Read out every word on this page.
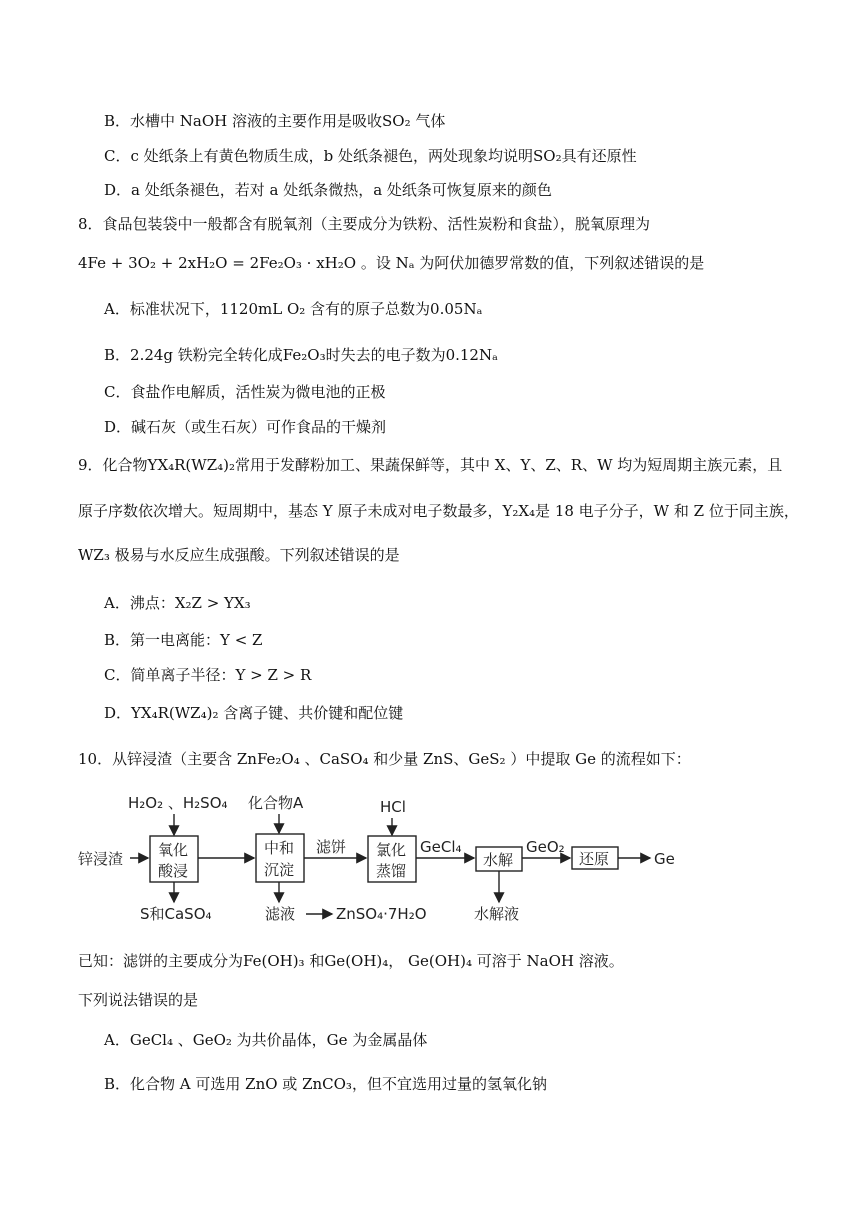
B．水槽中 NaOH 溶液的主要作用是吸收SO₂ 气体
C．c 处纸条上有黄色物质生成，b 处纸条褪色，两处现象均说明SO₂具有还原性
D．a 处纸条褪色，若对 a 处纸条微热，a 处纸条可恢复原来的颜色
8．食品包装袋中一般都含有脱氧剂（主要成分为铁粉、活性炭粉和食盐），脱氧原理为
4Fe + 3O₂ + 2xH₂O = 2Fe₂O₃ · xH₂O 。设 Nₐ 为阿伏加德罗常数的值，下列叙述错误的是
A．标准状况下，1120mL O₂ 含有的原子总数为0.05Nₐ
B．2.24g 铁粉完全转化成Fe₂O₃时失去的电子数为0.12Nₐ
C．食盐作电解质，活性炭为微电池的正极
D．碱石灰（或生石灰）可作食品的干燥剂
9．化合物YX₄R(WZ₄)₂常用于发酵粉加工、果蔬保鲜等，其中 X、Y、Z、R、W 均为短周期主族元素，且
原子序数依次增大。短周期中，基态 Y 原子未成对电子数最多，Y₂X₄是 18 电子分子，W 和 Z 位于同主族，
WZ₃ 极易与水反应生成强酸。下列叙述错误的是
A．沸点：X₂Z > YX₃
B．第一电离能：Y < Z
C．简单离子半径：Y > Z > R
D．YX₄R(WZ₄)₂ 含离子键、共价键和配位键
10．从锌浸渣（主要含 ZnFe₂O₄ 、CaSO₄ 和少量 ZnS、GeS₂ ）中提取 Ge 的流程如下：
锌浸渣
H₂O₂ 、H₂SO₄
氧化
酸浸
S和CaSO₄
化合物A
中和
沉淀
滤液	ZnSO₄·7H₂O
滤饼
HCl
氯化
蒸馏
GeCl₄
水解
水解液
GeO₂
还原	Ge
已知：滤饼的主要成分为Fe(OH)₃ 和Ge(OH)₄， Ge(OH)₄ 可溶于 NaOH 溶液。
下列说法错误的是
A．GeCl₄ 、GeO₂ 为共价晶体，Ge 为金属晶体
B．化合物 A 可选用 ZnO 或 ZnCO₃，但不宜选用过量的氢氧化钠
